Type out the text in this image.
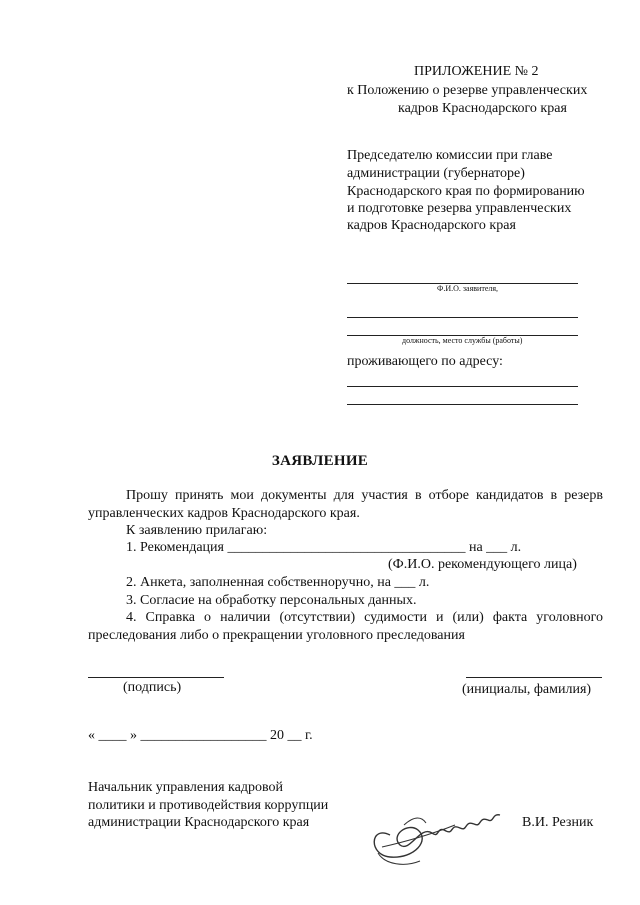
ПРИЛОЖЕНИЕ № 2
к Положению о резерве управленческих
кадров Краснодарского края
Председателю комиссии при главе
администрации (губернаторе)
Краснодарского края по формированию
и подготовке резерва управленческих
кадров Краснодарского края
Ф.И.О. заявителя,
должность, место службы (работы)
проживающего по адресу:
ЗАЯВЛЕНИЕ
Прошу принять мои документы для участия в отборе кандидатов в резерв
управленческих кадров Краснодарского края.
К заявлению прилагаю:
1. Рекомендация __________________________________ на ___ л.
(Ф.И.О. рекомендующего лица)
2. Анкета, заполненная собственноручно, на ___ л.
3. Согласие на обработку персональных данных.
4. Справка о наличии (отсутствии) судимости и (или) факта уголовного
преследования либо о прекращении уголовного преследования
(подпись)	(инициалы, фамилия)
« ____ » __________________ 20 __ г.
Начальник управления кадровой
политики и противодействия коррупции
администрации Краснодарского края	В.И. Резник
